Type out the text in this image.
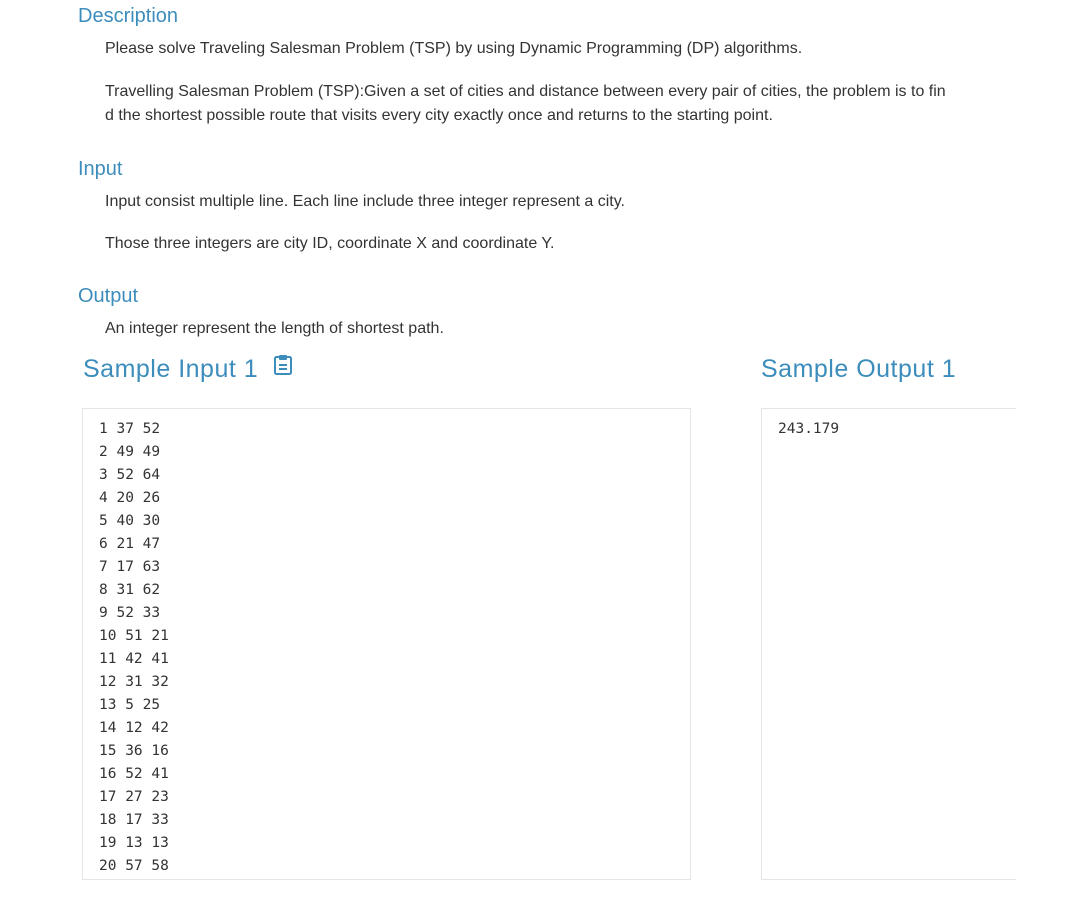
Description

Please solve Traveling Salesman Problem (TSP) by using Dynamic Programming (DP) algorithms.

Travelling Salesman Problem (TSP):Given a set of cities and distance between every pair of cities, the problem is to fin

d the shortest possible route that visits every city exactly once and returns to the starting point.

Input

Input consist multiple line. Each line include three integer represent a city.

Those three integers are city ID, coordinate X and coordinate Y.

Output

An integer represent the length of shortest path.

Sample Input 1	Sample Output 1
1 37 52
2 49 49
3 52 64
4 20 26
5 40 30
6 21 47
7 17 63
8 31 62
9 52 33
10 51 21
11 42 41
12 31 32
13 5 25
14 12 42
15 36 16
16 52 41
17 27 23
18 17 33
19 13 13
20 57 58
243.179
